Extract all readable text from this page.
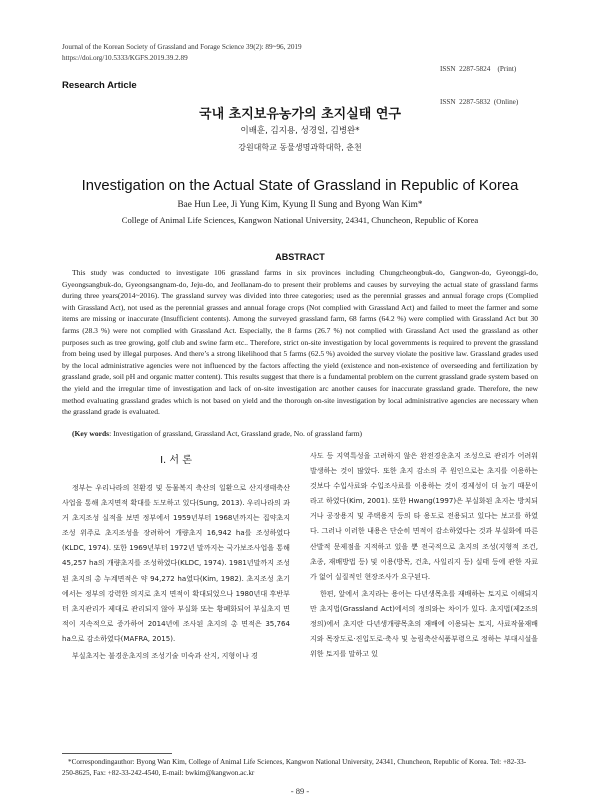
Journal of the Korean Society of Grassland and Forage Science 39(2): 89~96, 2019
https://doi.org/10.5333/KGFS.2019.39.2.89

ISSN  2287-5824    (Print)

ISSN  2287-5832  (Online)

Research Article
국내 초지보유농가의 초지실태 연구
이배훈, 김지용, 성경일, 김병완*
강원대학교 동물생명과학대학, 춘천
Investigation on the Actual State of Grassland in Republic of Korea
Bae Hun Lee, Ji Yung Kim, Kyung Il Sung and Byong Wan Kim*
College of Animal Life Sciences, Kangwon National University, 24341, Chuncheon, Republic of Korea
ABSTRACT

This study was conducted to investigate 106 grassland farms in six provinces including Chungcheongbuk-do, Gangwon-do, Gyeonggi-do, Gyeongsangbuk-do, Gyeongsangnam-do, Jeju-do, and Jeollanam-do to present their problems and causes by surveying the actual state of grassland farms during three years(2014~2016). The grassland survey was divided into three categories; used as the perennial grasses and annual forage crops (Complied with Grassland Act), not used as the perennial grasses and annual forage crops (Not complied with Grassland Act) and failed to meet the farmer and some items are missing or inaccurate (Insufficient contents). Among the surveyed grassland farm, 68 farms (64.2 %) were complied with Grassland Act but 30 farms (28.3 %) were not complied with Grassland Act. Especially, the 8 farms (26.7 %) not complied with Grassland Act used the grassland as other purposes such as tree growing, golf club and swine farm etc.. Therefore, strict on-site investigation by local governments is required to prevent the grassland from being used by illegal purposes. And there’s a strong likelihood that 5 farms (62.5 %) avoided the survey violate the positive law. Grassland grades used by the local administrative agencies were not influenced by the factors affecting the yield (existence and non-existence of overseeding and fertilization by grassland grade, soil pH and organic matter content). This results suggest that there is a fundamental problem on the current grassland grade system based on the yield and the irregular time of investigation and lack of on-site investigation arc another causes for inaccurate grassland grade. Therefore, the new method evaluating grassland grades which is not based on yield and the thorough on-site investigation by local administrative agencies are necessary when the grassland grade is evaluated.

(Key words: Investigation of grassland, Grassland Act, Grassland grade, No. of grassland farm)

Ⅰ. 서 론

정부는 우리나라의 친환경 및 동물복지 축산의 일환으로 산지생태축산 사업을 통해 초지면적 확대를 도모하고 있다(Sung, 2013). 우리나라의 과거 초지조성 실적을 보면 정부에서 1959년부터 1968년까지는 집약초지조성 위주로 초지조성을 장려하여 개량초지 16,942 ha를 조성하였다(KLDC, 1974). 또한 1969년부터 1972년 말까지는 국가보조사업을 통해 45,257 ha의 개량초지를 조성하였다(KLDC, 1974). 1981년말까지 조성된 초지의 총 누계면적은 약 94,272 ha였다(Kim, 1982). 초지조성 초기에서는 정부의 강력한 의지로 초지 면적이 확대되었으나 1980년대 후반부터 초지관리가 제대로 관리되지 않아 부실화 또는 황폐화되어 부실초지 면적이 지속적으로 증가하여 2014년에 조사된 초지의 총 면적은 35,764 ha으로 감소하였다(MAFRA, 2015).

부실초지는 불경운초지의 조성기술 미숙과 산지, 지형이나 경

사도 등 지역특성을 고려하지 않은 완전경운초지 조성으로 관리가 어려워 발생하는 것이 많았다. 또한 초지 감소의 주 원인으로는 초지를 이용하는 것보다 수입사료와 수입조사료를 이용하는 것이 경제성이 더 높기 때문이라고 하였다(Kim, 2001). 또한 Hwang(1997)은 부실화된 초지는 방치되거나 공장용지 및 주택용지 등의 타 용도로 전용되고 있다는 보고를 하였다. 그러나 이러한 내용은 단순히 면적이 감소하였다는 것과 부실화에 따른 산발적 문제점을 지적하고 있을 뿐 전국적으로 초지의 조성(지형적 조건, 초종, 재배방법 등) 및 이용(방목, 건초, 사일리지 등) 실태 등에 관한 자료가 없어 실질적인 현장조사가 요구된다.

한편, 앞에서 초지라는 용어는 다년생목초를 재배하는 토지로 이해되지만 초지법(Grassland Act)에서의 정의와는 차이가 있다. 초지법(제2조의 정의)에서 초지란 다년생개량목초의 재배에 이용되는 토지, 사료작물재배지와 목장도로·진입도로·축사 및 농림축산식품부령으로 정하는 부대시설을 위한 토지를 말하고 있

*Correspondingauthor: Byong Wan Kim, College of Animal Life Sciences, Kangwon National University, 24341, Chuncheon, Republic of Korea. Tel: +82-33-250-8625, Fax: +82-33-242-4540, E-mail: bwkim@kangwon.ac.kr

- 89 -
